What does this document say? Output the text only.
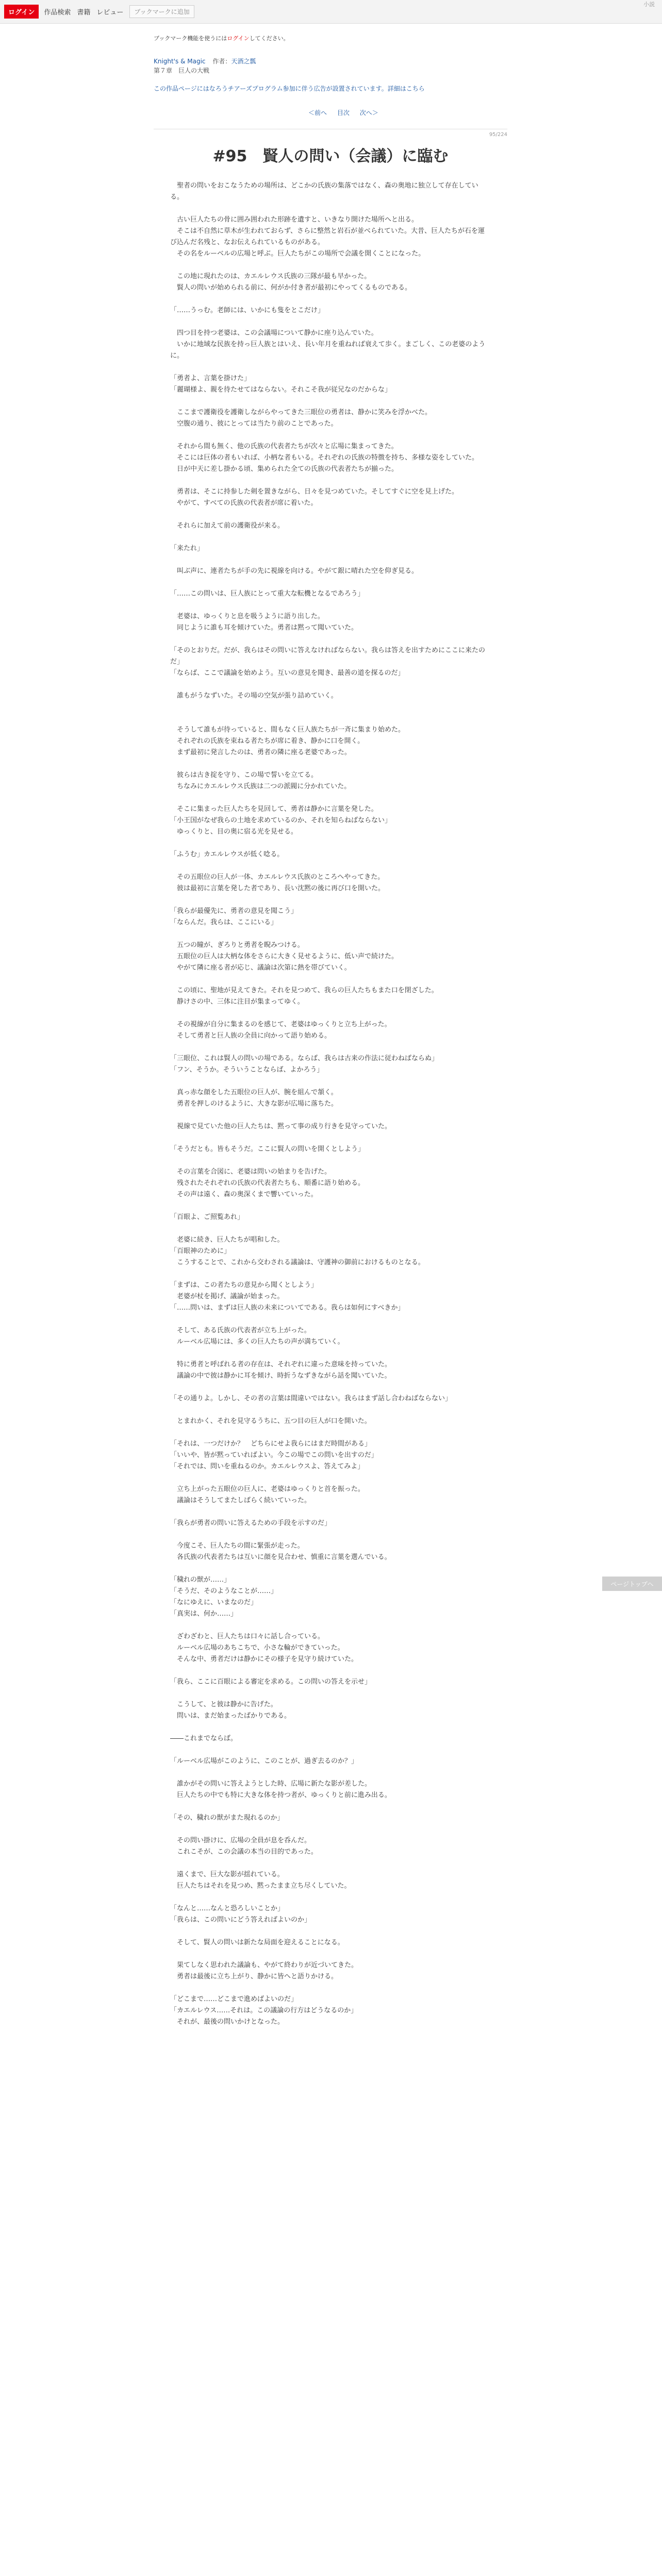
ログイン	作品検索 書籍 レビュー	ブックマークに追加
小説
ブックマーク機能を使うにはログインしてください。
Knight's & Magic 作者：天酒之瓢
第７章　巨人の大戦
この作品ページにはなろうチアーズプログラム参加に伴う広告が設置されています。詳細はこちら
＜前へ 目次 次へ＞
95/224
#95　賢人の問い（会議）に臨む

　聖者の問いをおこなうための場所は、どこかの氏族の集落ではなく、森の奥地に独立して存在している。

　古い巨人たちの骨に囲み囲われた形跡を遺すと、いきなり開けた場所へと出る。

　そこは不自然に草木が生われておらず、さらに整然と岩石が並べられていた。大昔、巨人たちが石を運び込んだ名残と、なお伝えられているものがある。

　その名をルーベルの広場と呼ぶ。巨人たちがこの場所で会議を開くことになった。

　この地に現れたのは、カエルレウス氏族の三隊が最も早かった。

　賢人の問いが始められる前に、何がか付き者が最初にやってくるものである。

「……うっむ。老師には、いかにも隻をとこだけ」

　四つ目を持つ老婆は、この会議場について静かに座り込んでいた。

　いかに地域な民族を持っ巨人族とはいえ、長い年月を重ねれば衰えて歩く。まごしく、この老婆のように。

「勇者よ、言葉を掛けた」

「麗瑚様よ、親を待たせてはならない。それこそ我が従兄なのだからな」

　ここまで護衛役を護衛しながらやってきた三眼位の勇者は、静かに笑みを浮かべた。

　空腹の通り、彼にとっては当たり前のことであった。

　それから間も無く、他の氏族の代表者たちが次々と広場に集まってきた。

　そこには巨体の者もいれば、小柄な者もいる。それぞれの氏族の特徴を持ち、多様な姿をしていた。

　日が中天に差し掛かる頃、集められた全ての氏族の代表者たちが揃った。

　勇者は、そこに持参した剣を置きながら、日々を見つめていた。そしてすぐに空を見上げた。

　やがて、すべての氏族の代表者が席に着いた。

　それらに加えて前の護衛役が来る。

「来たれ」

　叫ぶ声に、連者たちが手の先に視線を向ける。やがて銀に晴れた空を仰ぎ見る。

「……この問いは、巨人族にとって重大な転機となるであろう」

　老婆は、ゆっくりと息を吸うように語り出した。

　同じように誰も耳を傾けていた。勇者は黙って聞いていた。

「そのとおりだ。だが、我らはその問いに答えなければならない。我らは答えを出すためにここに来たのだ」

「ならば、ここで議論を始めよう。互いの意見を聞き、最善の道を探るのだ」

　誰もがうなずいた。その場の空気が張り詰めていく。

　そうして誰もが待っていると、間もなく巨人族たちが一斉に集まり始めた。

　それぞれの氏族を束ねる者たちが席に着き、静かに口を開く。

　まず最初に発言したのは、勇者の隣に座る老婆であった。

　彼らは古き掟を守り、この場で誓いを立てる。

　ちなみにカエルレウス氏族は二つの派閥に分かれていた。

　そこに集まった巨人たちを見回して、勇者は静かに言葉を発した。

「小王国がなぜ我らの土地を求めているのか、それを知らねばならない」

　ゆっくりと、目の奥に宿る光を見せる。

「ふうむ」カエルレウスが低く唸る。

　その五眼位の巨人が一体、カエルレウス氏族のところへやってきた。

　彼は最初に言葉を発した者であり、長い沈黙の後に再び口を開いた。

「我らが最優先に、勇者の意見を聞こう」

「ならんだ。我らは、ここにいる」

　五つの瞳が、ぎろりと勇者を睨みつける。

　五眼位の巨人は大柄な体をさらに大きく見せるように、低い声で続けた。

　やがて隣に座る者が応じ、議論は次第に熱を帯びていく。

　この頃に、聖地が見えてきた。それを見つめて、我らの巨人たちもまた口を閉ざした。

　静けさの中、三体に注目が集まってゆく。

　その視線が自分に集まるのを感じて、老婆はゆっくりと立ち上がった。

　そして勇者と巨人族の全員に向かって語り始める。

「三眼位、これは賢人の問いの場である。ならば、我らは古来の作法に従わねばならぬ」

「フン、そうか。そういうことならば、よかろう」

　真っ赤な顔をした五眼位の巨人が、腕を組んで頷く。

　勇者を押しのけるように、大きな影が広場に落ちた。

　視線で見ていた他の巨人たちは、黙って事の成り行きを見守っていた。

「そうだとも。皆もそうだ。ここに賢人の問いを開くとしよう」

　その言葉を合図に、老婆は問いの始まりを告げた。

　残されたそれぞれの氏族の代表者たちも、順番に語り始める。

　その声は遠く、森の奥深くまで響いていった。

「百眼よ、ご照覧あれ」

　老婆に続き、巨人たちが唱和した。

「百眼神のために」

　こうすることで、これから交わされる議論は、守護神の御前におけるものとなる。

「まずは、この者たちの意見から聞くとしよう」

　老婆が杖を掲げ、議論が始まった。

「……問いは、まずは巨人族の未来についてである。我らは如何にすべきか」

　そして、ある氏族の代表者が立ち上がった。

　ルーベル広場には、多くの巨人たちの声が満ちていく。

　特に勇者と呼ばれる者の存在は、それぞれに違った意味を持っていた。

　議論の中で彼は静かに耳を傾け、時折うなずきながら話を聞いていた。

「その通りよ。しかし、その者の言葉は間違いではない。我らはまず話し合わねばならない」

　とまれかく、それを見守るうちに、五つ目の巨人が口を開いた。

「それは、一つだけか？　どちらにせよ我らにはまだ時間がある」

「いいや、皆が黙っていればよい。今この場でこの問いを出すのだ」

「それでは、問いを重ねるのか。カエルレウスよ、答えてみよ」

　立ち上がった五眼位の巨人に、老婆はゆっくりと首を振った。

　議論はそうしてまたしばらく続いていった。

「我らが勇者の問いに答えるための手段を示すのだ」

　今度こそ、巨人たちの間に緊張が走った。

　各氏族の代表者たちは互いに顔を見合わせ、慎重に言葉を選んでいる。

「穢れの獣が……」

「そうだ、そのようなことが……」

「なにゆえに、いまなのだ」

「真実は、何か……」

　ざわざわと、巨人たちは口々に話し合っている。

　ルーベル広場のあちこちで、小さな輪ができていった。

　そんな中、勇者だけは静かにその様子を見守り続けていた。

「我ら、ここに百眼による審定を求める。この問いの答えを示せ」

　こうして、と彼は静かに告げた。

　問いは、まだ始まったばかりである。

――これまでならば。

「ルーベル広場がこのように、このことが、過ぎ去るのか？」

　誰かがその問いに答えようとした時、広場に新たな影が差した。

　巨人たちの中でも特に大きな体を持つ者が、ゆっくりと前に進み出る。

「その、穢れの獣がまた現れるのか」

　その問い掛けに、広場の全員が息を呑んだ。

　これこそが、この会議の本当の目的であった。

　遠くまで、巨大な影が揺れている。

　巨人たちはそれを見つめ、黙ったまま立ち尽くしていた。

「なんと……なんと恐ろしいことか」

「我らは、この問いにどう答えればよいのか」

　そして、賢人の問いは新たな局面を迎えることになる。

　果てしなく思われた議論も、やがて終わりが近づいてきた。

　勇者は最後に立ち上がり、静かに皆へと語りかける。

「どこまで……どこまで進めばよいのだ」

「カエルレウス……それは。この議論の行方はどうなるのか」

　それが、最後の問いかけとなった。

ページトップへ
